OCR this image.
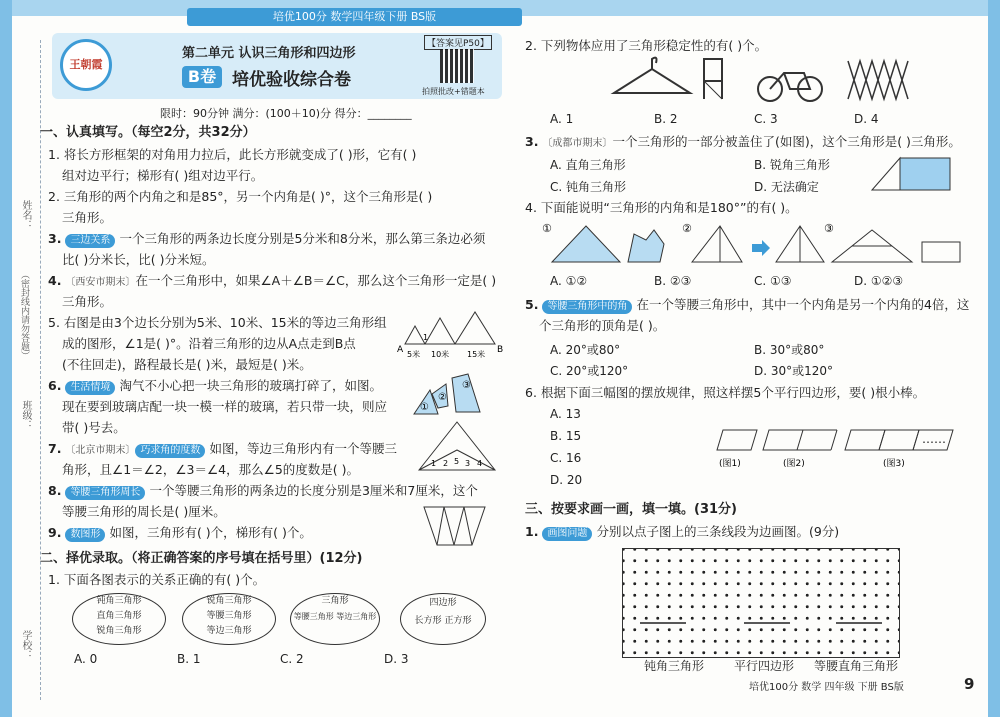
培优100分 数学四年级下册 BS版
姓名：
（密封线内请勿答题）
班级：
学校：
王朝霞
第二单元 认识三角形和四边形
B卷 培优验收综合卷
【答案见P50】
拍照批改+错题本
限时：90分钟 满分：(100＋10)分 得分：________
一、认真填写。（每空2分，共32分）
1. 将长方形框架的对角用力拉后，此长方形就变成了( )形，它有( )
组对边平行；梯形有( )组对边平行。
2. 三角形的两个内角之和是85°，另一个内角是( )°，这个三角形是( )
三角形。
3. 三边关系 一个三角形的两条边长度分别是5分米和8分米，那么第三条边必须
比( )分米长，比( )分米短。
4. 〔西安市期末〕在一个三角形中，如果∠A＋∠B＝∠C，那么这个三角形一定是( )
三角形。
5. 右图是由3个边长分别为5米、10米、15米的等边三角形组
成的图形，∠1是( )°。沿着三角形的边从A点走到B点
(不往回走)，路程最长是( )米，最短是( )米。
A 5米 10米 15米 B
1
6. 生活情境 淘气不小心把一块三角形的玻璃打碎了，如图。
现在要到玻璃店配一块一模一样的玻璃，若只带一块，则应
带( )号去。
①
②
③
7. 〔北京市期末〕 巧求角的度数 如图，等边三角形内有一个等腰三
角形，且∠1＝∠2，∠3＝∠4，那么∠5的度数是( )。	1 2 3 4
5
8. 等腰三角形周长 一个等腰三角形的两条边的长度分别是3厘米和7厘米，这个
等腰三角形的周长是( )厘米。
9. 数图形 如图，三角形有( )个，梯形有( )个。
二、择优录取。（将正确答案的序号填在括号里）(12分)
1. 下面各图表示的关系正确的有( )个。
钝角三角形
直角三角形
锐角三角形
锐角三角形
等腰三角形
等边三角形
三角形
等腰三角形 等边三角形
四边形
长方形 正方形
A. 0	B. 1	C. 2	D. 3
2. 下列物体应用了三角形稳定性的有( )个。
A. 1	B. 2	C. 3	D. 4
3. 〔成都市期末〕一个三角形的一部分被盖住了(如图)，这个三角形是( )三角形。
A. 直角三角形	B. 锐角三角形
C. 钝角三角形	D. 无法确定
4. 下面能说明“三角形的内角和是180°”的有( )。
①	②	③
A. ①②	B. ②③	C. ①③	D. ①②③
5. 等腰三角形中的角 在一个等腰三角形中，其中一个内角是另一个内角的4倍，这
个三角形的顶角是( )。
A. 20°或80°	B. 30°或80°
C. 20°或120°	D. 30°或120°
6. 根据下面三幅图的摆放规律，照这样摆5个平行四边形，要( )根小棒。
A. 13
B. 15
C. 16
D. 20
(图1)	(图2)	(图3)
……
三、按要求画一画，填一填。(31分)
1. 画图问题 分别以点子图上的三条线段为边画图。(9分)
钝角三角形 平行四边形 等腰直角三角形
培优100分 数学 四年级 下册 BS版	9
